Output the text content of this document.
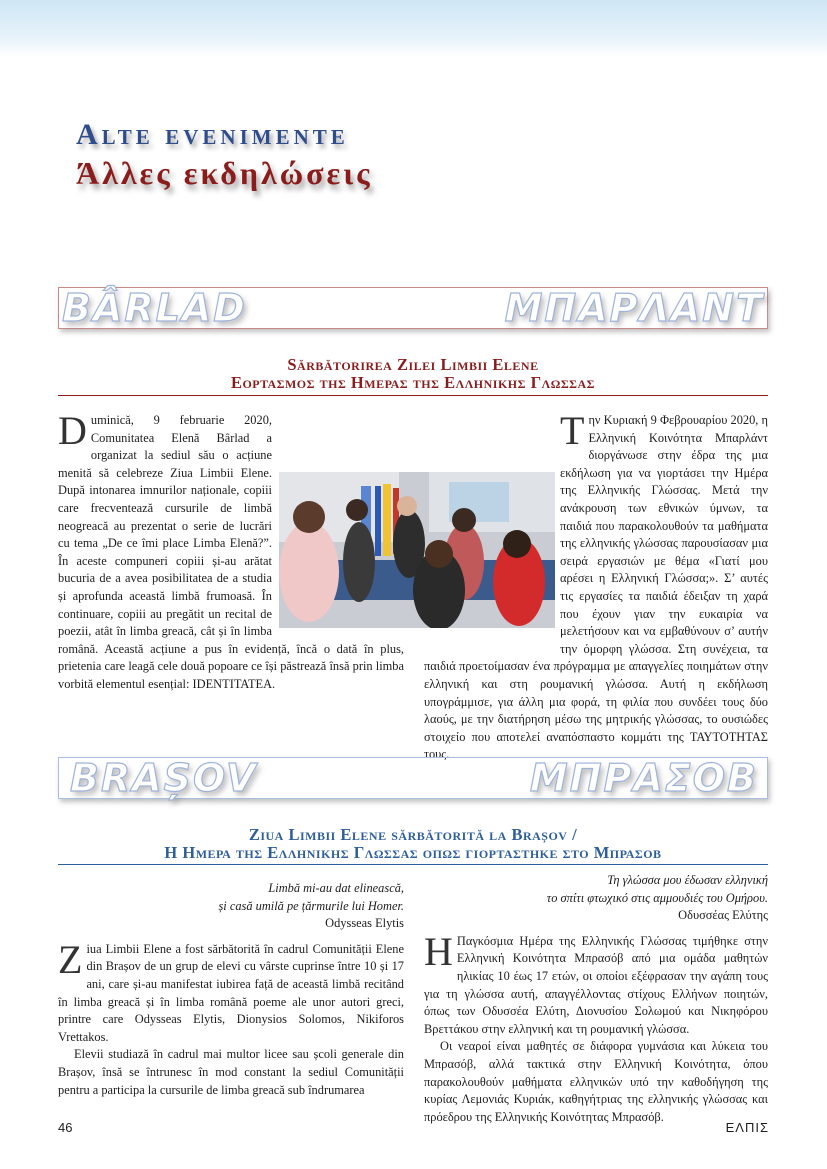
Alte evenimente
Άλλες εκδηλώσεις
BÂRLAD	ΜΠΑΡΛΑΝΤ
Sărbătorirea Zilei Limbii Elene
Εορτασμος της Ημερας της Ελληνικης Γλωσσας

Duminică, 9 februarie 2020, Comunitatea Elenă Bârlad a organizat la sediul său o acțiune menită să celebreze Ziua Limbii Elene. După intonarea imnurilor naționale, copiii care frecventează cursurile de limbă neogreacă au prezentat o serie de lucrări cu tema „De ce îmi place Limba Elenă?”. În aceste compuneri copiii și-au arătat bucuria de a avea posibilitatea de a studia și aprofunda această limbă frumoasă. În continuare, copiii au pregătit un recital de poezii, atât în limba greacă, cât și în limba română. Această acțiune a pus în evidență, încă o dată în plus, prietenia care leagă cele două popoare ce își păstrează însă prin limba vorbită elementul esențial: IDENTITATEA.

Την Κυριακή 9 Φεβρουαρίου 2020, η Ελληνική Κοινότητα Μπαρλάντ διοργάνωσε στην έδρα της μια εκδήλωση για να γιορτάσει την Ημέρα της Ελληνικής Γλώσσας. Μετά την ανάκρουση των εθνικών ύμνων, τα παιδιά που παρακολουθούν τα μαθήματα της ελληνικής γλώσσας παρουσίασαν μια σειρά εργασιών με θέμα «Γιατί μου αρέσει η Ελληνική Γλώσσα;». Σ’ αυτές τις εργασίες τα παιδιά έδειξαν τη χαρά που έχουν γιαν την ευκαιρία να μελετήσουν και να εμβαθύνουν σ’ αυτήν την όμορφη γλώσσα. Στη συνέχεια, τα παιδιά προετοίμασαν ένα πρόγραμμα με απαγγελίες ποιημάτων στην ελληνική και στη ρουμανική γλώσσα. Αυτή η εκδήλωση υπογράμμισε, για άλλη μια φορά, τη φιλία που συνδέει τους δύο λαούς, με την διατήρηση μέσω της μητρικής γλώσσας, το ουσιώδες στοιχείο που αποτελεί αναπόσπαστο κομμάτι της ΤΑΥΤΟΤΗΤΑΣ τους.

BRAȘOV	ΜΠΡΑΣΟΒ
Ziua Limbii Elene sărbătorită la Brașov /
Η Ημερα της Ελληνικης Γλωσσας οπως γιορταστηκε στο Μπρασοβ
Limbă mi-au dat elinească,
și casă umilă pe țărmurile lui Homer.
Odysseas Elytis

Ziua Limbii Elene a fost sărbătorită în cadrul Comunității Elene din Brașov de un grup de elevi cu vârste cuprinse între 10 și 17 ani, care și-au manifestat iubirea față de această limbă recitând în limba greacă și în limba română poeme ale unor autori greci, printre care Odysseas Elytis, Dionysios Solomos, Nikiforos Vrettakos.

Elevii studiază în cadrul mai multor licee sau școli generale din Brașov, însă se întrunesc în mod constant la sediul Comunității pentru a participa la cursurile de limba greacă sub îndrumarea

Τη γλώσσα μου έδωσαν ελληνική
το σπίτι φτωχικό στις αμμουδιές του Ομήρου.
Οδυσσέας Ελύτης

Η Παγκόσμια Ημέρα της Ελληνικής Γλώσσας τιμήθηκε στην Ελληνική Κοινότητα Μπρασόβ από μια ομάδα μαθητών ηλικίας 10 έως 17 ετών, οι οποίοι εξέφρασαν την αγάπη τους για τη γλώσσα αυτή, απαγγέλλοντας στίχους Ελλήνων ποιητών, όπως των Οδυσσέα Ελύτη, Διονυσίου Σολωμού και Νικηφόρου Βρεττάκου στην ελληνική και τη ρουμανική γλώσσα.

Οι νεαροί είναι μαθητές σε διάφορα γυμνάσια και λύκεια του Μπρασόβ, αλλά τακτικά στην Ελληνική Κοινότητα, όπου παρακολουθούν μαθήματα ελληνικών υπό την καθοδήγηση της κυρίας Λεμονιάς Κυριάκ, καθηγήτριας της ελληνικής γλώσσας και πρόεδρου της Ελληνικής Κοινότητας Μπρασόβ.

46	ΕΛΠΙΣ
